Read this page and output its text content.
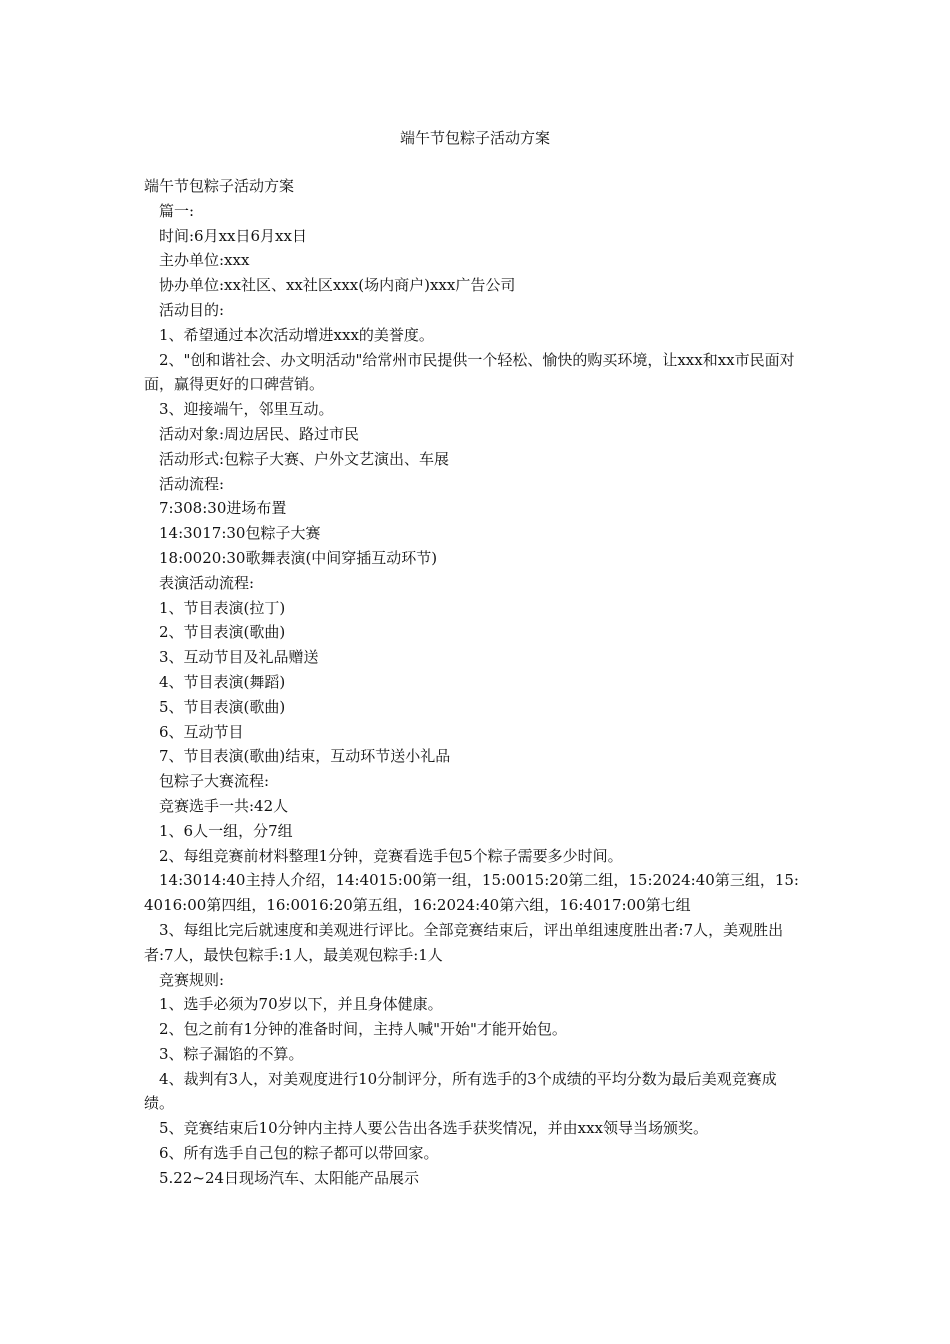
端午节包粽子活动方案

端午节包粽子活动方案

篇一:

时间:6月xx日6月xx日

主办单位:xxx

协办单位:xx社区、xx社区xxx(场内商户)xxx广告公司

活动目的:

1、希望通过本次活动增进xxx的美誉度。

2、"创和谐社会、办文明活动"给常州市民提供一个轻松、愉快的购买环境，让xxx和xx市民面对面，赢得更好的口碑营销。

3、迎接端午，邻里互动。

活动对象:周边居民、路过市民

活动形式:包粽子大赛、户外文艺演出、车展

活动流程:

7:308:30进场布置

14:3017:30包粽子大赛

18:0020:30歌舞表演(中间穿插互动环节)

表演活动流程:

1、节目表演(拉丁)

2、节目表演(歌曲)

3、互动节目及礼品赠送

4、节目表演(舞蹈)

5、节目表演(歌曲)

6、互动节目

7、节目表演(歌曲)结束，互动环节送小礼品

包粽子大赛流程:

竞赛选手一共:42人

1、6人一组，分7组

2、每组竞赛前材料整理1分钟，竞赛看选手包5个粽子需要多少时间。

14:3014:40主持人介绍，14:4015:00第一组，15:0015:20第二组，15:2024:40第三组，15:4016:00第四组，16:0016:20第五组，16:2024:40第六组，16:4017:00第七组

3、每组比完后就速度和美观进行评比。全部竞赛结束后，评出单组速度胜出者:7人，美观胜出者:7人，最快包粽手:1人，最美观包粽手:1人

竞赛规则:

1、选手必须为70岁以下，并且身体健康。

2、包之前有1分钟的准备时间，主持人喊"开始"才能开始包。

3、粽子漏馅的不算。

4、裁判有3人，对美观度进行10分制评分，所有选手的3个成绩的平均分数为最后美观竞赛成绩。

5、竞赛结束后10分钟内主持人要公告出各选手获奖情况，并由xxx领导当场颁奖。

6、所有选手自己包的粽子都可以带回家。

5.22~24日现场汽车、太阳能产品展示
